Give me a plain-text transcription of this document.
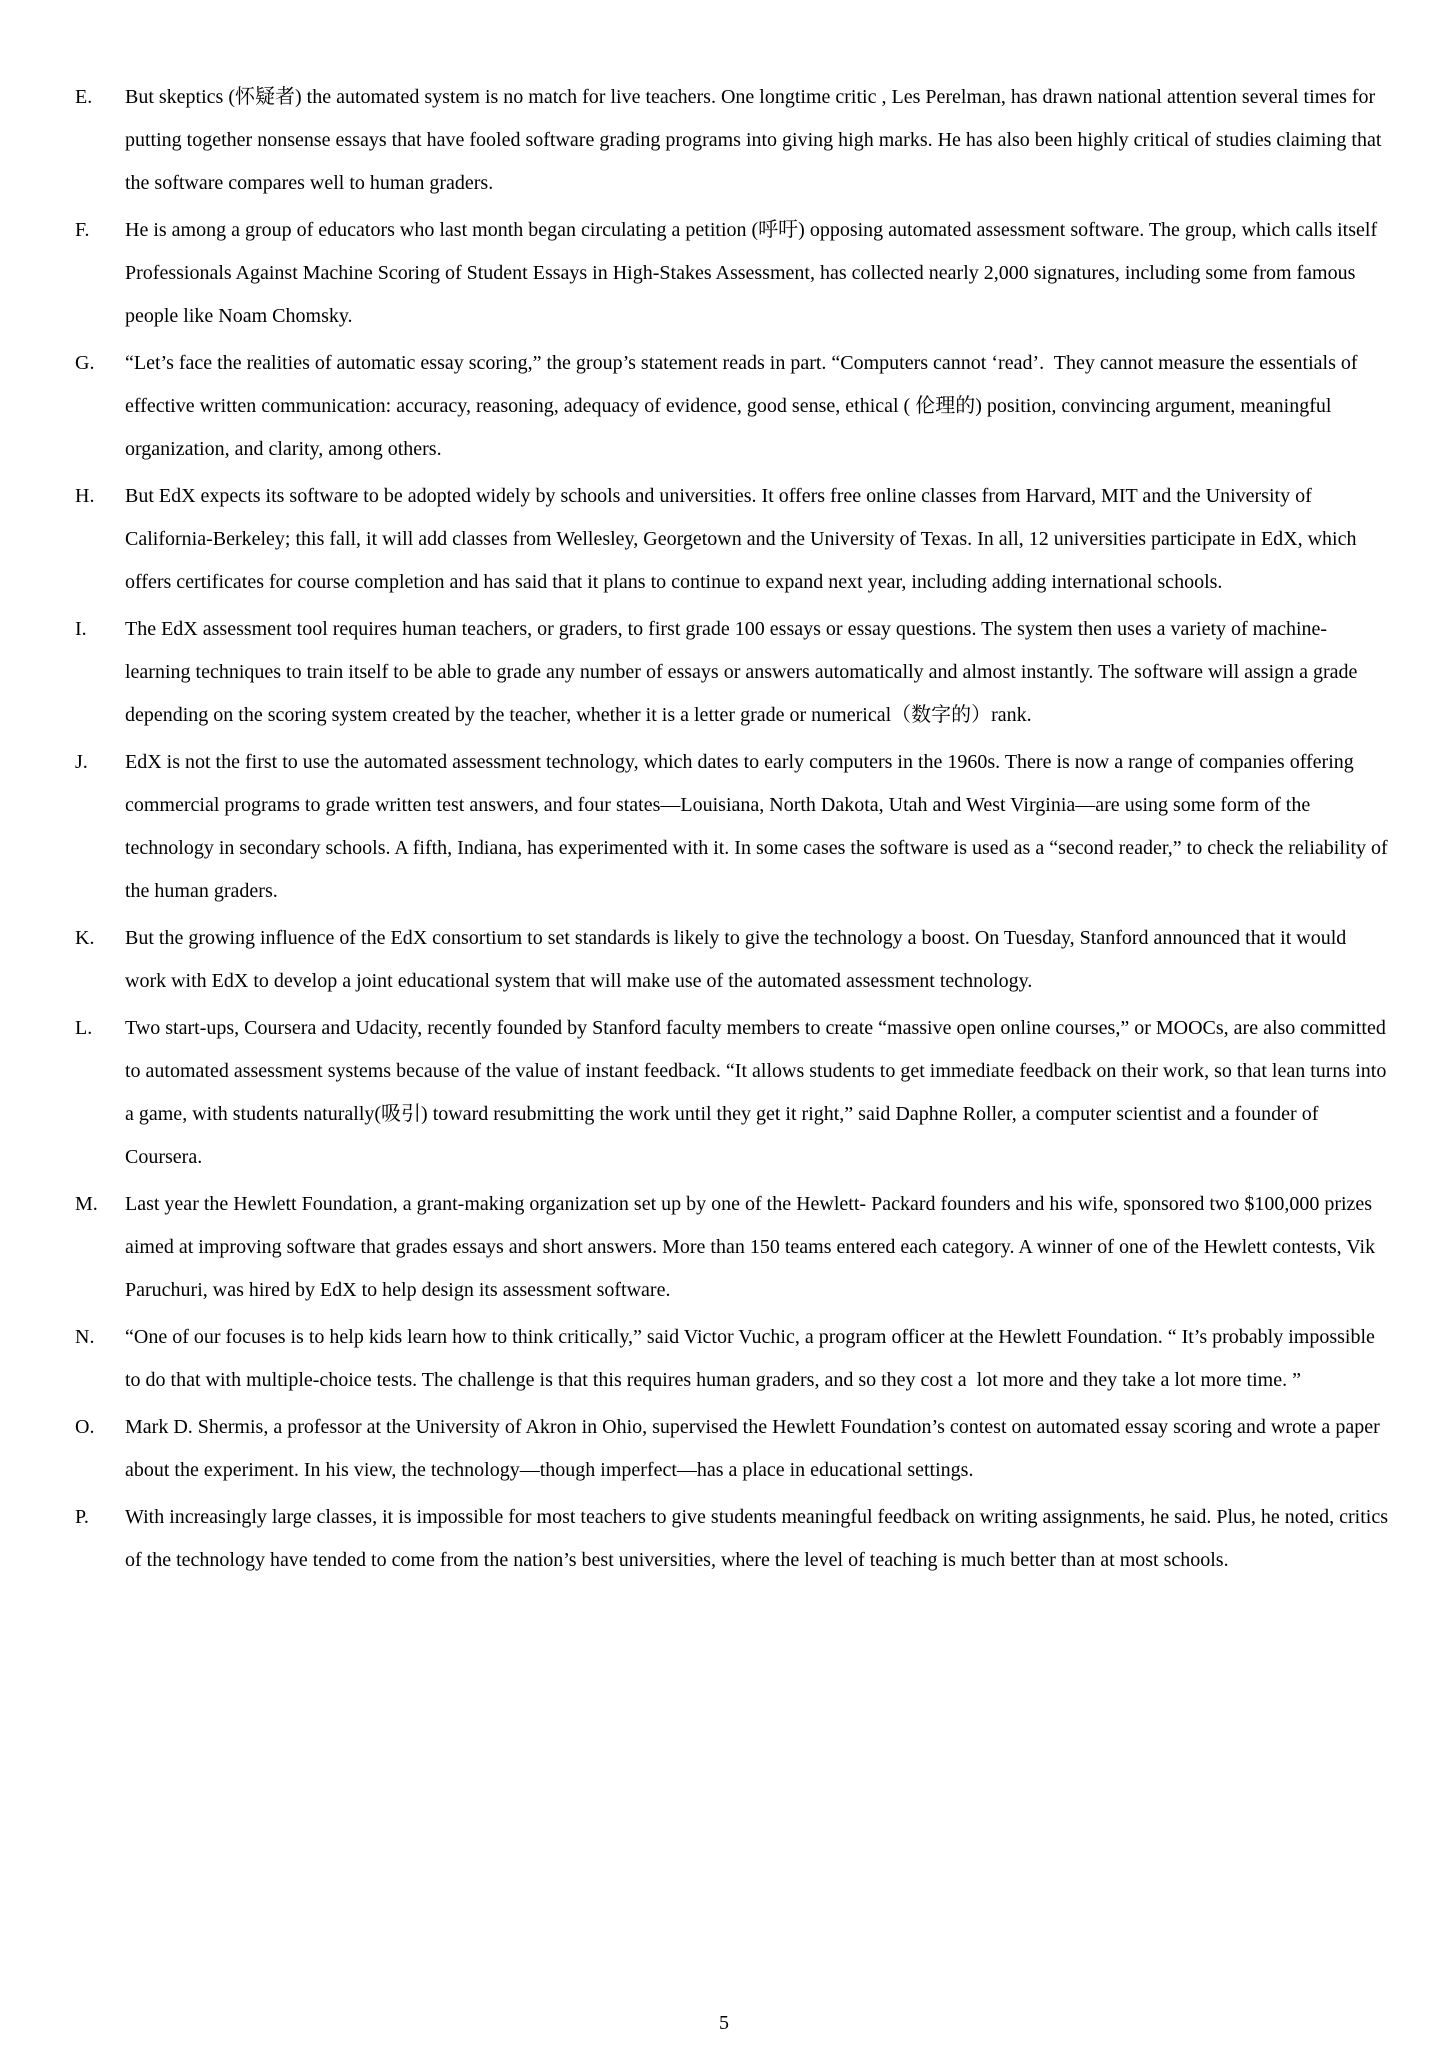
E.	But skeptics (怀疑者) the automated system is no match for live teachers. One longtime critic , Les Perelman, has drawn national attention several times for putting together nonsense essays that have fooled software grading programs into giving high marks. He has also been highly critical of studies claiming that the software compares well to human graders.
F.	He is among a group of educators who last month began circulating a petition (呼吁) opposing automated assessment software. The group, which calls itself Professionals Against Machine Scoring of Student Essays in High-Stakes Assessment, has collected nearly 2,000 signatures, including some from famous people like Noam Chomsky.
G.	“Let’s face the realities of automatic essay scoring,” the group’s statement reads in part. “Computers cannot ‘read’.  They cannot measure the essentials of effective written communication: accuracy, reasoning, adequacy of evidence, good sense, ethical ( 伦理的) position, convincing argument, meaningful organization, and clarity, among others.
H.	But EdX expects its software to be adopted widely by schools and universities. It offers free online classes from Harvard, MIT and the University of California-Berkeley; this fall, it will add classes from Wellesley, Georgetown and the University of Texas. In all, 12 universities participate in EdX, which offers certificates for course completion and has said that it plans to continue to expand next year, including adding international schools.
I.	The EdX assessment tool requires human teachers, or graders, to first grade 100 essays or essay questions. The system then uses a variety of machine-learning techniques to train itself to be able to grade any number of essays or answers automatically and almost instantly. The software will assign a grade depending on the scoring system created by the teacher, whether it is a letter grade or numerical（数字的）rank.
J.	EdX is not the first to use the automated assessment technology, which dates to early computers in the 1960s. There is now a range of companies offering commercial programs to grade written test answers, and four states—Louisiana, North Dakota, Utah and West Virginia—are using some form of the technology in secondary schools. A fifth, Indiana, has experimented with it. In some cases the software is used as a “second reader,” to check the reliability of the human graders.
K.	But the growing influence of the EdX consortium to set standards is likely to give the technology a boost. On Tuesday, Stanford announced that it would work with EdX to develop a joint educational system that will make use of the automated assessment technology.
L.	Two start-ups, Coursera and Udacity, recently founded by Stanford faculty members to create “massive open online courses,” or MOOCs, are also committed to automated assessment systems because of the value of instant feedback. “It allows students to get immediate feedback on their work, so that lean turns into a game, with students naturally(吸引) toward resubmitting the work until they get it right,” said Daphne Roller, a computer scientist and a founder of Coursera.
M.	Last year the Hewlett Foundation, a grant-making organization set up by one of the Hewlett- Packard founders and his wife, sponsored two $100,000 prizes aimed at improving software that grades essays and short answers. More than 150 teams entered each category. A winner of one of the Hewlett contests, Vik Paruchuri, was hired by EdX to help design its assessment software.
N.	“One of our focuses is to help kids learn how to think critically,” said Victor Vuchic, a program officer at the Hewlett Foundation. “ It’s probably impossible to do that with multiple-choice tests. The challenge is that this requires human graders, and so they cost a  lot more and they take a lot more time. ”
O.	Mark D. Shermis, a professor at the University of Akron in Ohio, supervised the Hewlett Foundation’s contest on automated essay scoring and wrote a paper about the experiment. In his view, the technology—though imperfect—has a place in educational settings.
P.	With increasingly large classes, it is impossible for most teachers to give students meaningful feedback on writing assignments, he said. Plus, he noted, critics of the technology have tended to come from the nation’s best universities, where the level of teaching is much better than at most schools.
5
